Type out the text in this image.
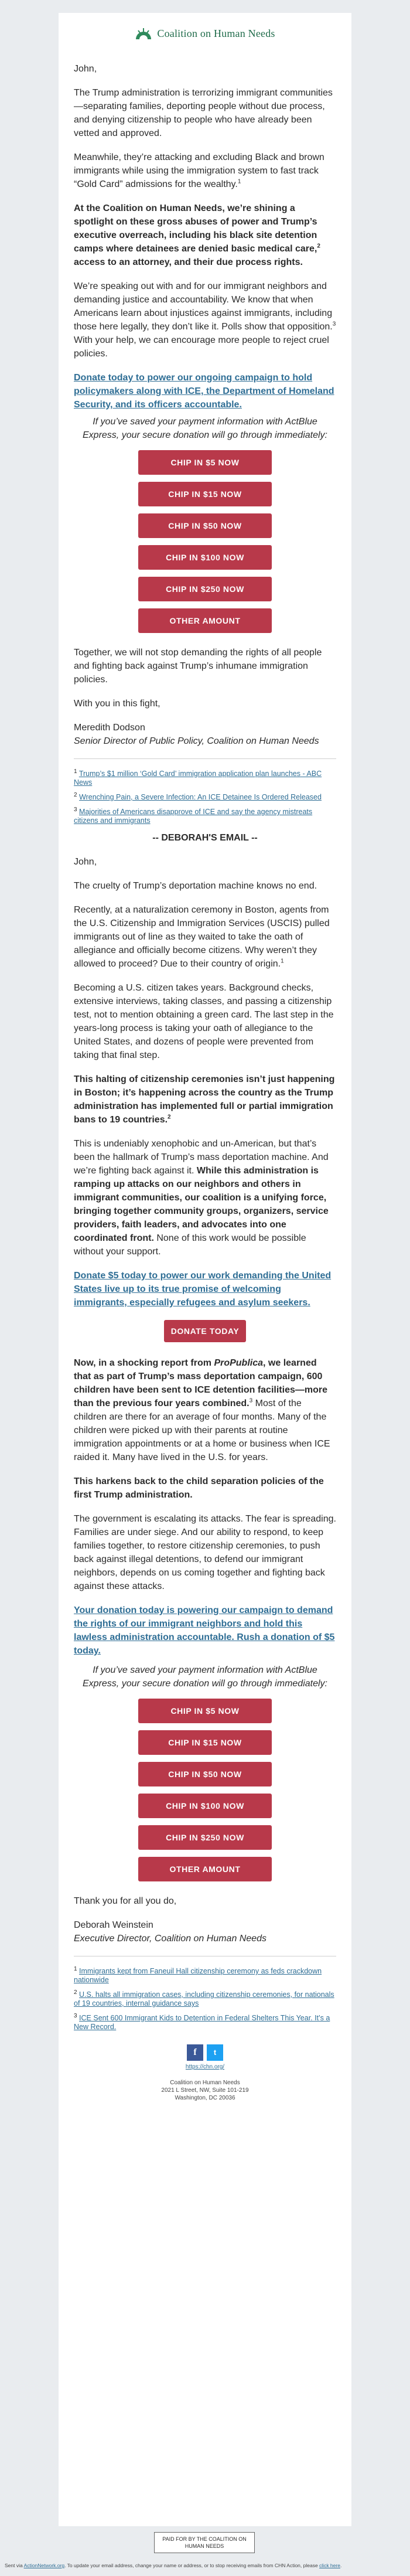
Coalition on Human Needs

John,

The Trump administration is terrorizing immigrant communities—separating families, deporting people without due process, and denying citizenship to people who have already been vetted and approved.

Meanwhile, they’re attacking and excluding Black and brown immigrants while using the immigration system to fast track “Gold Card” admissions for the wealthy.$^1$

At the Coalition on Human Needs, we’re shining a spotlight on these gross abuses of power and Trump’s executive overreach, including his black site detention camps where detainees are denied basic medical care,$^2$ access to an attorney, and their due process rights.

We’re speaking out with and for our immigrant neighbors and demanding justice and accountability. We know that when Americans learn about injustices against immigrants, including those here legally, they don’t like it. Polls show that opposition.$^3$ With your help, we can encourage more people to reject cruel policies.

Donate today to power our ongoing campaign to hold policymakers along with ICE, the Department of Homeland Security, and its officers accountable.

If you’ve saved your payment information with ActBlue Express, your secure donation will go through immediately:

CHIP IN $5 NOW
CHIP IN $15 NOW
CHIP IN $50 NOW
CHIP IN $100 NOW
CHIP IN $250 NOW
OTHER AMOUNT

Together, we will not stop demanding the rights of all people and fighting back against Trump’s inhumane immigration policies.

With you in this fight,

Meredith Dodson
Senior Director of Public Policy, Coalition on Human Needs

$^1$ Trump’s $1 million ‘Gold Card’ immigration application plan launches - ABC News

$^2$ Wrenching Pain, a Severe Infection: An ICE Detainee Is Ordered Released

$^3$ Majorities of Americans disapprove of ICE and say the agency mistreats citizens and immigrants

-- DEBORAH'S EMAIL --

John,

The cruelty of Trump’s deportation machine knows no end.

Recently, at a naturalization ceremony in Boston, agents from the U.S. Citizenship and Immigration Services (USCIS) pulled immigrants out of line as they waited to take the oath of allegiance and officially become citizens. Why weren’t they allowed to proceed? Due to their country of origin.$^1$

Becoming a U.S. citizen takes years. Background checks, extensive interviews, taking classes, and passing a citizenship test, not to mention obtaining a green card. The last step in the years-long process is taking your oath of allegiance to the United States, and dozens of people were prevented from taking that final step.

This halting of citizenship ceremonies isn’t just happening in Boston; it’s happening across the country as the Trump administration has implemented full or partial immigration bans to 19 countries.$^2$

This is undeniably xenophobic and un-American, but that’s been the hallmark of Trump’s mass deportation machine. And we’re fighting back against it. While this administration is ramping up attacks on our neighbors and others in immigrant communities, our coalition is a unifying force, bringing together community groups, organizers, service providers, faith leaders, and advocates into one coordinated front. None of this work would be possible without your support.

Donate $5 today to power our work demanding the United States live up to its true promise of welcoming immigrants, especially refugees and asylum seekers.
DONATE TODAY

Now, in a shocking report from ProPublica, we learned that as part of Trump’s mass deportation campaign, 600 children have been sent to ICE detention facilities—more than the previous four years combined.$^3$ Most of the children are there for an average of four months. Many of the children were picked up with their parents at routine immigration appointments or at a home or business when ICE raided it. Many have lived in the U.S. for years.

This harkens back to the child separation policies of the first Trump administration.

The government is escalating its attacks. The fear is spreading. Families are under siege. And our ability to respond, to keep families together, to restore citizenship ceremonies, to push back against illegal detentions, to defend our immigrant neighbors, depends on us coming together and fighting back against these attacks.

Your donation today is powering our campaign to demand the rights of our immigrant neighbors and hold this lawless administration accountable. Rush a donation of $5 today.

If you’ve saved your payment information with ActBlue Express, your secure donation will go through immediately:

CHIP IN $5 NOW
CHIP IN $15 NOW
CHIP IN $50 NOW
CHIP IN $100 NOW
CHIP IN $250 NOW
OTHER AMOUNT

Thank you for all you do,

Deborah Weinstein
Executive Director, Coalition on Human Needs

$^1$ Immigrants kept from Faneuil Hall citizenship ceremony as feds crackdown nationwide

$^2$ U.S. halts all immigration cases, including citizenship ceremonies, for nationals of 19 countries, internal guidance says

$^3$ ICE Sent 600 Immigrant Kids to Detention in Federal Shelters This Year. It’s a New Record.

f	t
https://chn.org/
Coalition on Human Needs
2021 L Street, NW, Suite 101-219
Washington, DC 20036
PAID FOR BY THE COALITION ON HUMAN NEEDS
Sent via ActionNetwork.org. To update your email address, change your name or address, or to stop receiving emails from CHN Action, please click here.
